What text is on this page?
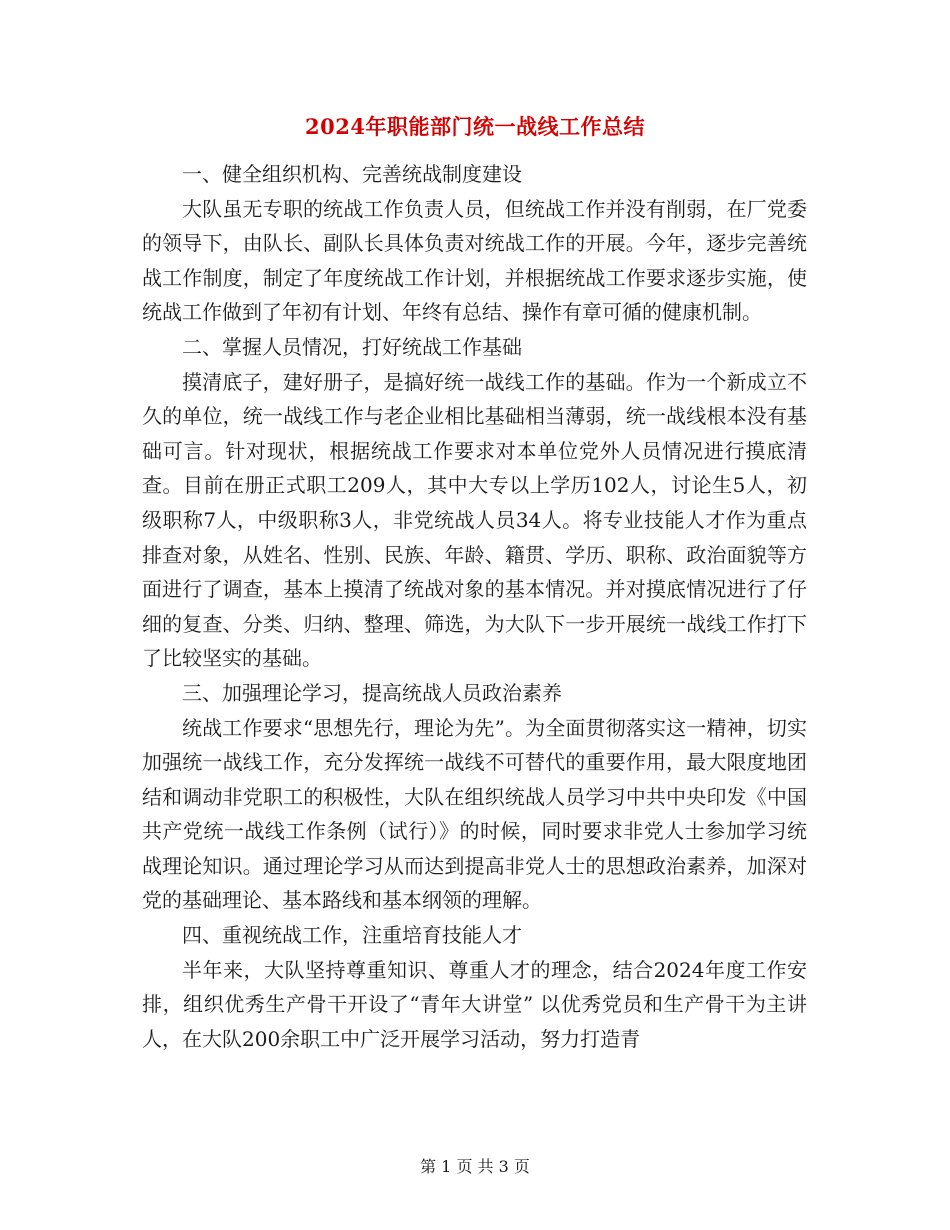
2024年职能部门统一战线工作总结

一、健全组织机构、完善统战制度建设

大队虽无专职的统战工作负责人员，但统战工作并没有削弱，在厂党委的领导下，由队长、副队长具体负责对统战工作的开展。今年，逐步完善统战工作制度，制定了年度统战工作计划，并根据统战工作要求逐步实施，使统战工作做到了年初有计划、年终有总结、操作有章可循的健康机制。

二、掌握人员情况，打好统战工作基础

摸清底子，建好册子，是搞好统一战线工作的基础。作为一个新成立不久的单位，统一战线工作与老企业相比基础相当薄弱，统一战线根本没有基础可言。针对现状，根据统战工作要求对本单位党外人员情况进行摸底清查。目前在册正式职工209人，其中大专以上学历102人，讨论生5人，初级职称7人，中级职称3人，非党统战人员34人。将专业技能人才作为重点排查对象，从姓名、性别、民族、年龄、籍贯、学历、职称、政治面貌等方面进行了调查，基本上摸清了统战对象的基本情况。并对摸底情况进行了仔细的复查、分类、归纳、整理、筛选，为大队下一步开展统一战线工作打下了比较坚实的基础。

三、加强理论学习，提高统战人员政治素养

统战工作要求“思想先行，理论为先”。为全面贯彻落实这一精神，切实加强统一战线工作，充分发挥统一战线不可替代的重要作用，最大限度地团结和调动非党职工的积极性，大队在组织统战人员学习中共中央印发《中国共产党统一战线工作条例（试行）》的时候，同时要求非党人士参加学习统战理论知识。通过理论学习从而达到提高非党人士的思想政治素养，加深对党的基础理论、基本路线和基本纲领的理解。

四、重视统战工作，注重培育技能人才

半年来，大队坚持尊重知识、尊重人才的理念，结合2024年度工作安排，组织优秀生产骨干开设了“青年大讲堂” 以优秀党员和生产骨干为主讲人，在大队200余职工中广泛开展学习活动，努力打造青

第 1 页 共 3 页
